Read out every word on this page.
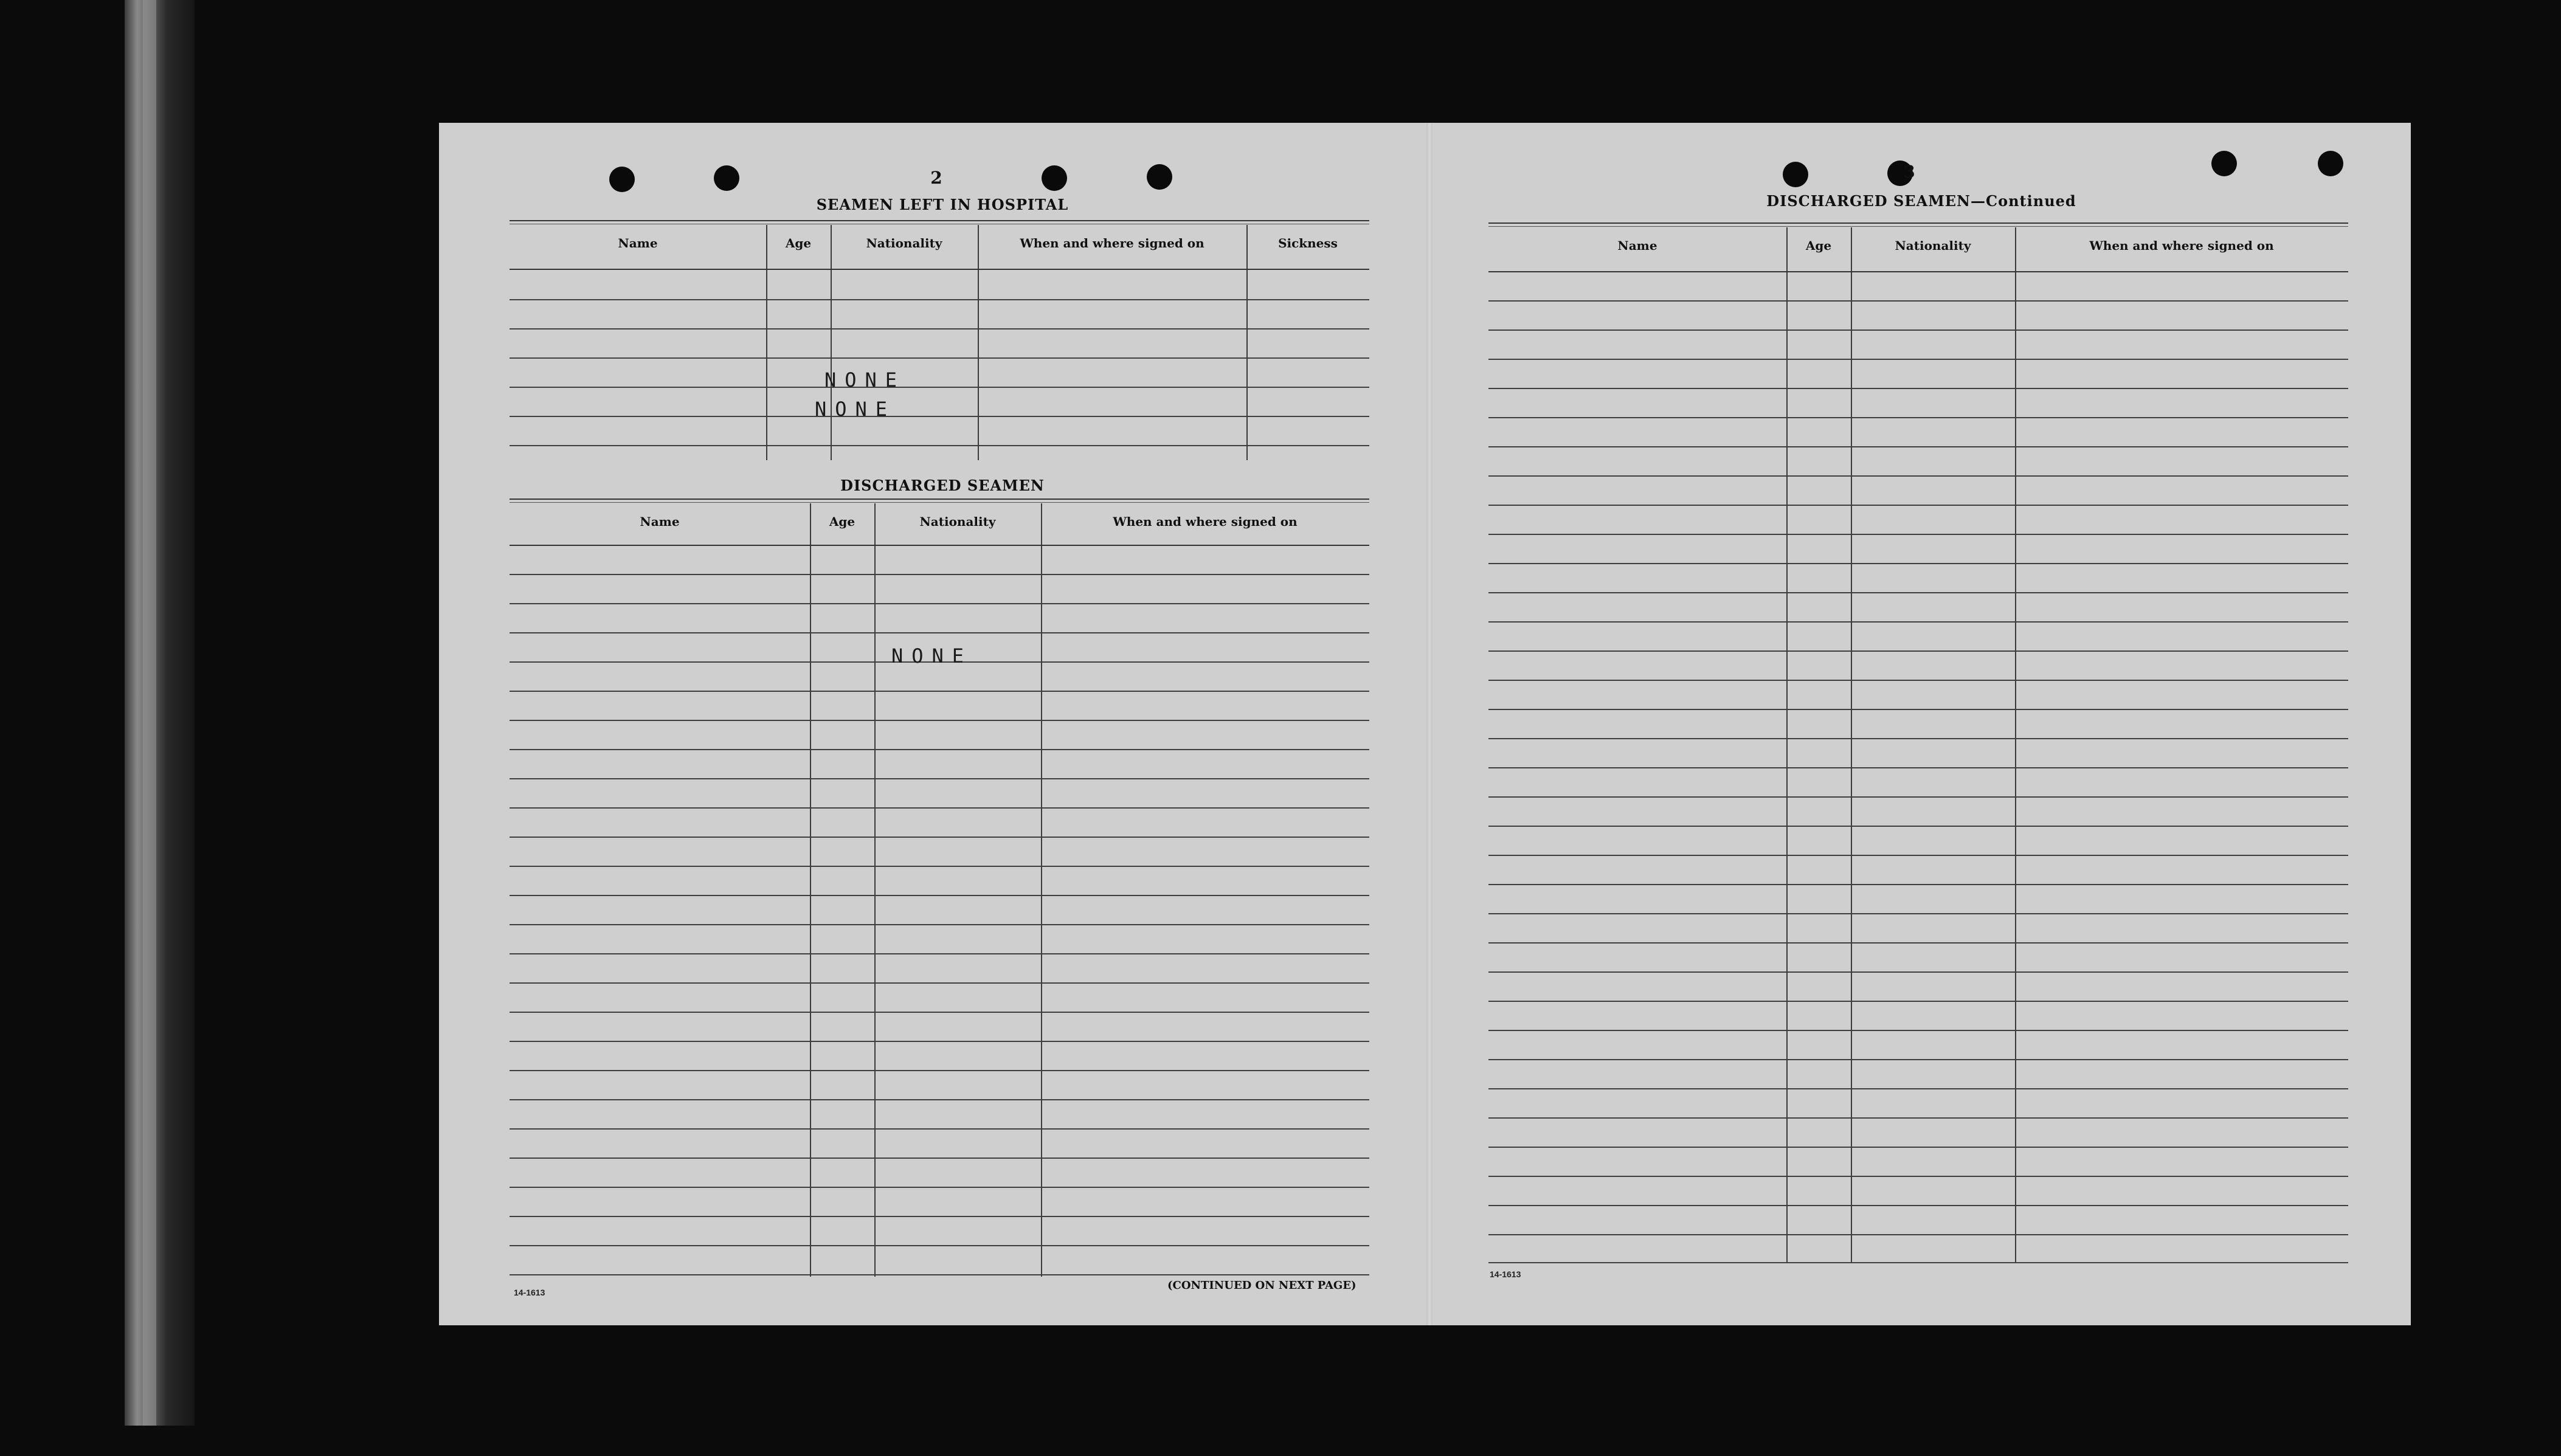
2
SEAMEN LEFT IN HOSPITAL
Name	Age	Nationality	When and where signed on	Sickness
NONE
NONE
DISCHARGED SEAMEN
Name	Age	Nationality	When and where signed on
NONE
14-1613
(CONTINUED ON NEXT PAGE)
3
DISCHARGED SEAMEN—Continued
Name	Age	Nationality	When and where signed on
14-1613
